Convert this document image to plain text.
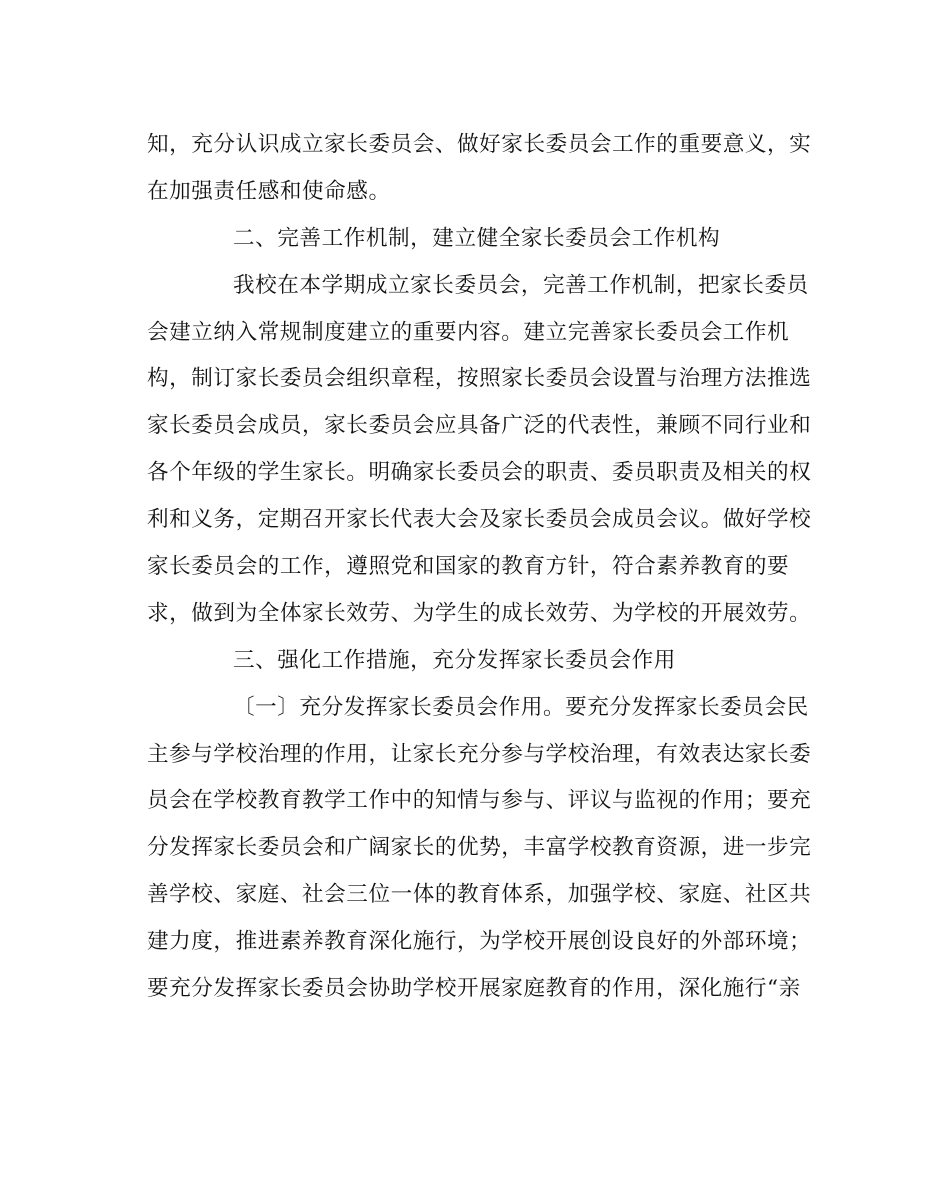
知，充分认识成立家长委员会、做好家长委员会工作的重要意义，实
在加强责任感和使命感。
二、完善工作机制，建立健全家长委员会工作机构
我校在本学期成立家长委员会，完善工作机制，把家长委员
会建立纳入常规制度建立的重要内容。建立完善家长委员会工作机
构，制订家长委员会组织章程，按照家长委员会设置与治理方法推选
家长委员会成员，家长委员会应具备广泛的代表性，兼顾不同行业和
各个年级的学生家长。明确家长委员会的职责、委员职责及相关的权
利和义务，定期召开家长代表大会及家长委员会成员会议。做好学校
家长委员会的工作，遵照党和国家的教育方针，符合素养教育的要
求，做到为全体家长效劳、为学生的成长效劳、为学校的开展效劳。
三、强化工作措施，充分发挥家长委员会作用
〔一〕充分发挥家长委员会作用。要充分发挥家长委员会民
主参与学校治理的作用，让家长充分参与学校治理，有效表达家长委
员会在学校教育教学工作中的知情与参与、评议与监视的作用；要充
分发挥家长委员会和广阔家长的优势，丰富学校教育资源，进一步完
善学校、家庭、社会三位一体的教育体系，加强学校、家庭、社区共
建力度，推进素养教育深化施行，为学校开展创设良好的外部环境；
要充分发挥家长委员会协助学校开展家庭教育的作用，深化施行“亲
